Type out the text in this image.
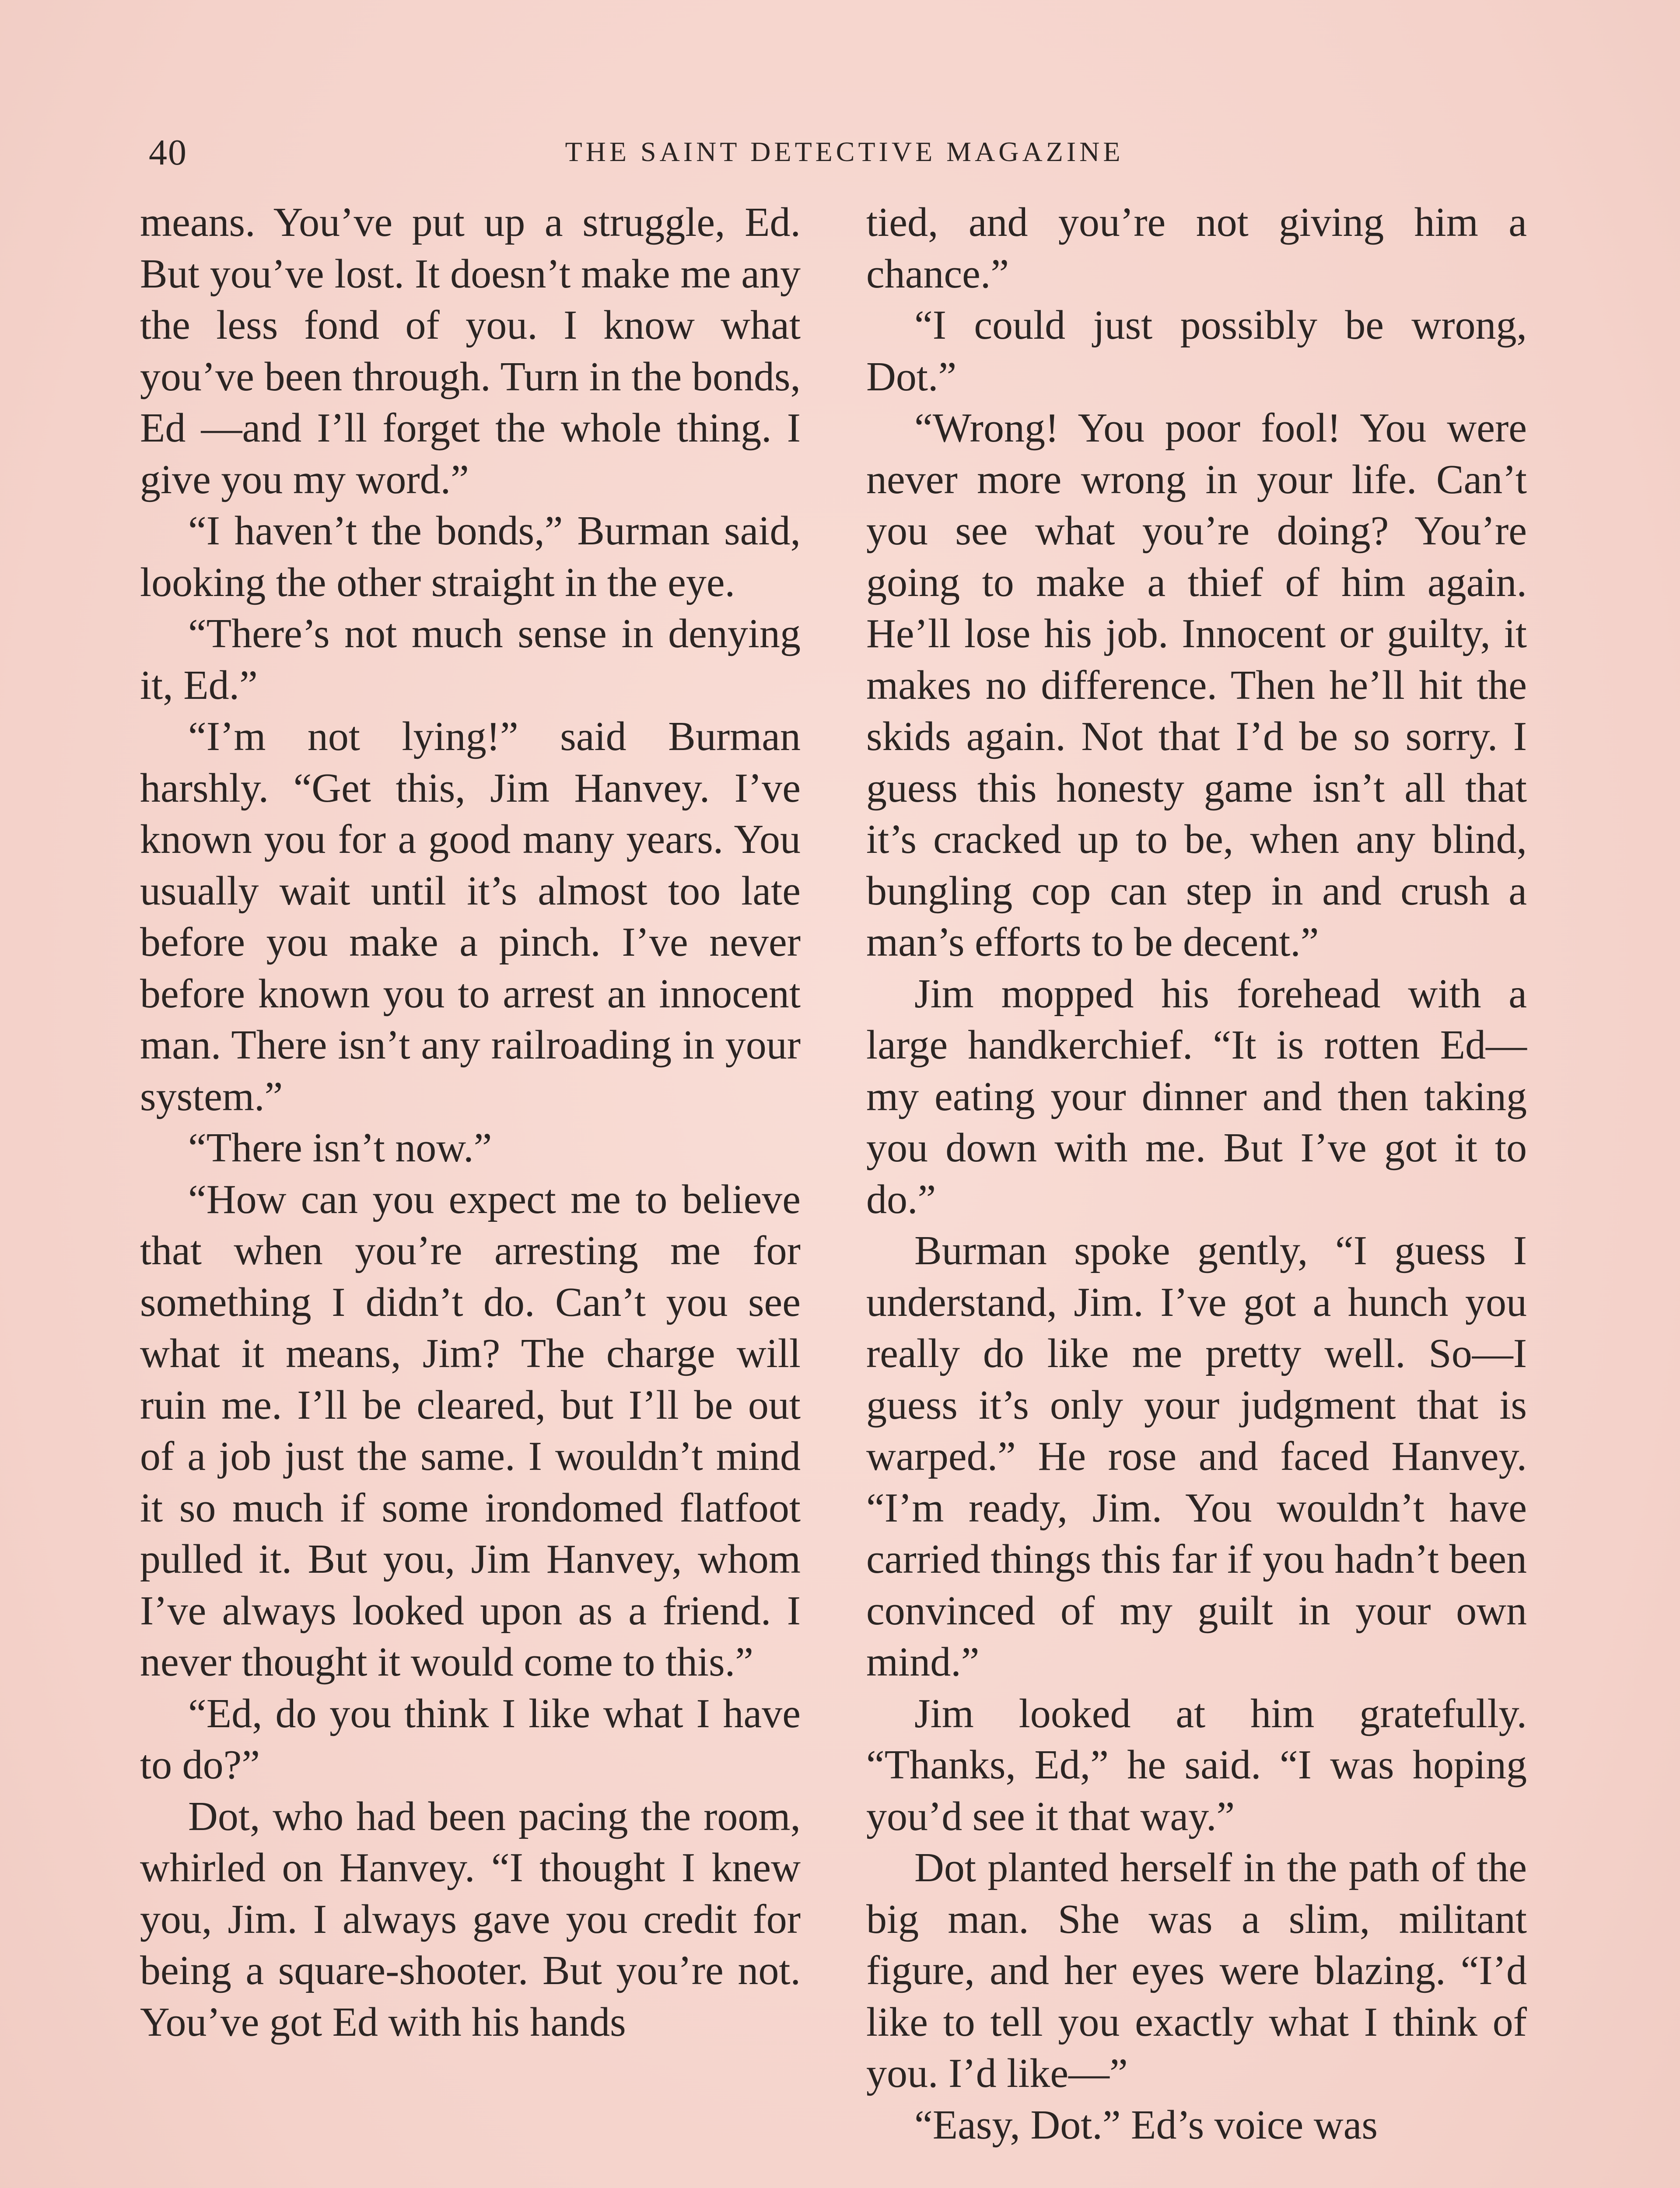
40	THE SAINT DETECTIVE MAGAZINE

means. You’ve put up a struggle, Ed. But you’ve lost. It doesn’t make me any the less fond of you. I know what you’ve been through. Turn in the bonds, Ed —and I’ll forget the whole thing. I give you my word.”

“I haven’t the bonds,” Burman said, looking the other straight in the eye.

“There’s not much sense in denying it, Ed.”

“I’m not lying!” said Burman harshly. “Get this, Jim Hanvey. I’ve known you for a good many years. You usually wait until it’s almost too late before you make a pinch. I’ve never before known you to arrest an innocent man. There isn’t any railroading in your system.”

“There isn’t now.”

“How can you expect me to believe that when you’re arresting me for something I didn’t do. Can’t you see what it means, Jim? The charge will ruin me. I’ll be cleared, but I’ll be out of a job just the same. I wouldn’t mind it so much if some irondomed flatfoot pulled it. But you, Jim Hanvey, whom I’ve always looked upon as a friend. I never thought it would come to this.”

“Ed, do you think I like what I have to do?”

Dot, who had been pacing the room, whirled on Hanvey. “I thought I knew you, Jim. I always gave you credit for being a square-shooter. But you’re not. You’ve got Ed with his hands

tied, and you’re not giving him a chance.”

“I could just possibly be wrong, Dot.”

“Wrong! You poor fool! You were never more wrong in your life. Can’t you see what you’re doing? You’re going to make a thief of him again. He’ll lose his job. Innocent or guilty, it makes no difference. Then he’ll hit the skids again. Not that I’d be so sorry. I guess this honesty game isn’t all that it’s cracked up to be, when any blind, bungling cop can step in and crush a man’s efforts to be decent.”

Jim mopped his forehead with a large handkerchief. “It is rotten Ed—my eating your dinner and then taking you down with me. But I’ve got it to do.”

Burman spoke gently, “I guess I understand, Jim. I’ve got a hunch you really do like me pretty well. So—I guess it’s only your judgment that is warped.” He rose and faced Hanvey. “I’m ready, Jim. You wouldn’t have carried things this far if you hadn’t been convinced of my guilt in your own mind.”

Jim looked at him gratefully. “Thanks, Ed,” he said. “I was hoping you’d see it that way.”

Dot planted herself in the path of the big man. She was a slim, militant figure, and her eyes were blazing. “I’d like to tell you exactly what I think of you. I’d like—”

“Easy, Dot.” Ed’s voice was
